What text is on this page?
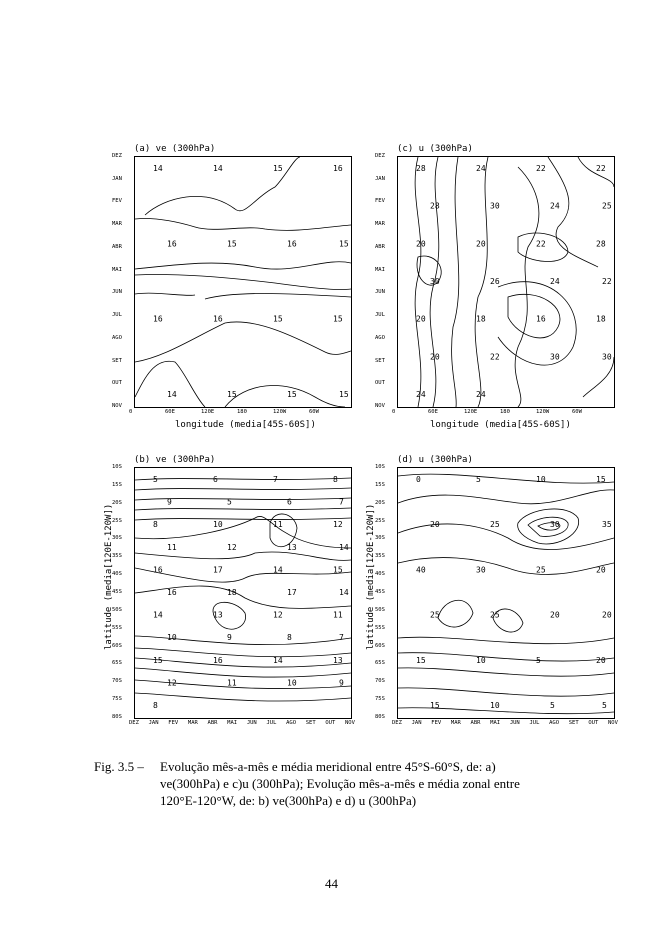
(a) ve (300hPa)
14	14	15	16
16	15	16	15
16	16	15	15
14	15	15	15
(c) u (300hPa)
28	24	22	22
28	30	24	25
20	20	22	28
30	26	24	22
20	18	16	18
20	22	30	30
24	24
(b) ve (300hPa)
5	6	7	8
9	5	6	7
8	10	11	12
11	12	13	14
16	17	14	15
16	18	17	14
14	13	12	11
10	9	8	7
15	16	14	13
12	11	10	9
8
(d) u (300hPa)
0	5	10	15
20	25	30	35
40	30	25	20
25	25	20	20
15	10	5	20
15	10	5	5
DEZ
JAN
FEV
MAR
ABR
MAI
JUN
JUL
AGO
SET
OUT
NOV
0	60E	120E	180	120W	60W
DEZ
JAN
FEV
MAR
ABR
MAI
JUN
JUL
AGO
SET
OUT
NOV
0	60E	120E	180	120W	60W
10S
15S
20S
25S
30S
35S
40S
45S
50S
55S
60S
65S
70S
75S
80S
DEZ JAN FEV MAR ABR MAI JUN JUL AGO SET OUT NOV
10S
15S
20S
25S
30S
35S
40S
45S
50S
55S
60S
65S
70S
75S
80S
DEZ JAN FEV MAR ABR MAI JUN JUL AGO SET OUT NOV
longitude (media[45S-60S])	longitude (media[45S-60S])
latitude (media[120E-120W])	latitude (media[120E-120W])
Fig. 3.5 – Evolução mês-a-mês e média meridional entre 45°S-60°S, de: a)
ve(300hPa) e c)u (300hPa); Evolução mês-a-mês e média zonal entre
120°E-120°W, de: b) ve(300hPa) e d) u (300hPa)
44
